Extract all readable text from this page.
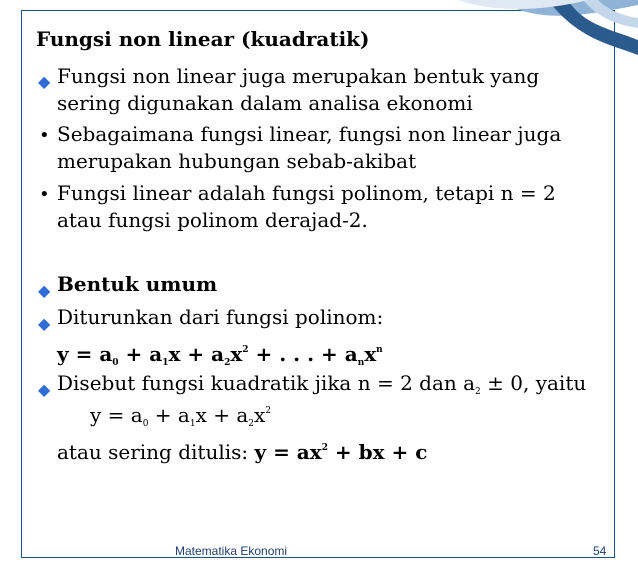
Fungsi non linear (kuadratik)
◆ Fungsi non linear juga merupakan bentuk yang
sering digunakan dalam analisa ekonomi
• Sebagaimana fungsi linear, fungsi non linear juga
merupakan hubungan sebab-akibat
• Fungsi linear adalah fungsi polinom, tetapi n = 2
atau fungsi polinom derajad-2.
◆ Bentuk umum
◆ Diturunkan dari fungsi polinom:
$y = a_0 + a_1x + a_2x^2$ + . . . + $a_nx^n$
◆ Disebut fungsi kuadratik jika n = 2 dan $a_2 \pm 0$, yaitu
$y = a_0 + a_1x + a_2x^2$
atau sering ditulis: $y = ax^2$ + bx + c
Matematika Ekonomi	54
